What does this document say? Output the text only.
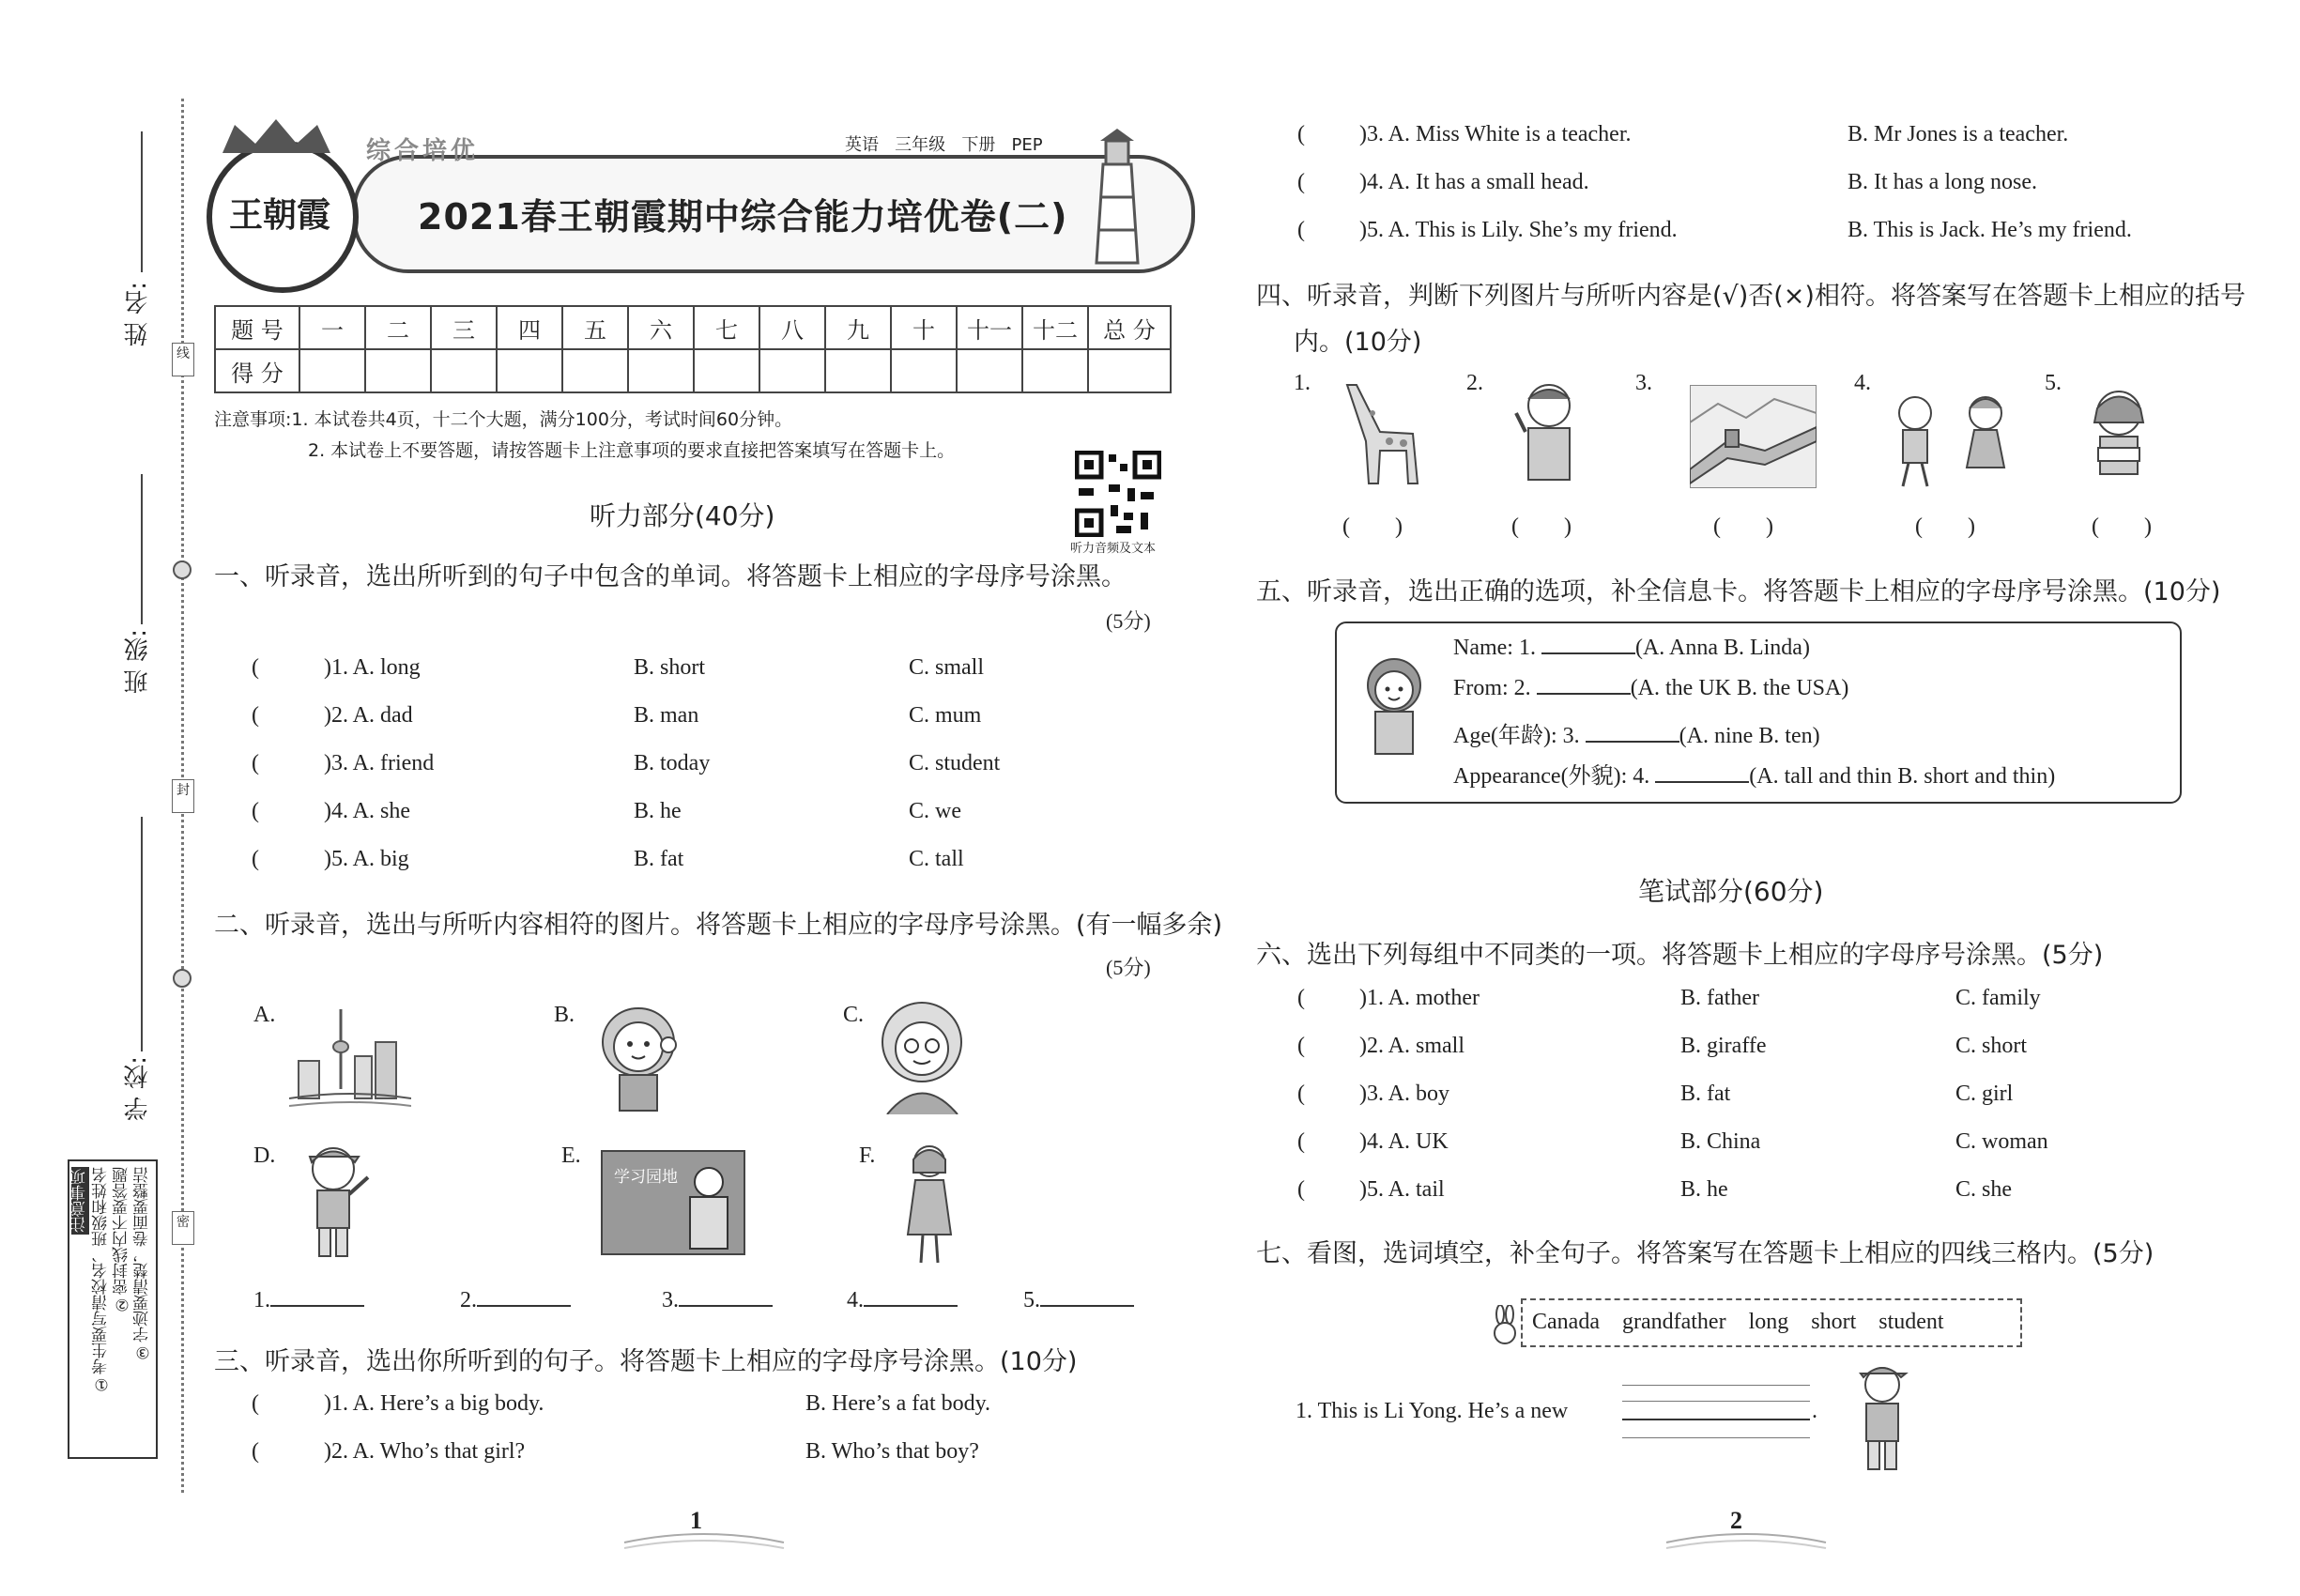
姓 名:
班 级:
学 校:
线
封
密
注意事项 ①考生要写清校名、班级和姓名 ②密封线内不要答题 ③字迹要清楚，卷面要整洁
综合培优
王朝霞
英语 三年级 下册 PEP
2021春王朝霞期中综合能力培优卷(二)
题 号	一	二	三	四	五	六	七	八	九	十	十一	十二	总 分
得 分													
注意事项:1. 本试卷共4页，十二个大题，满分100分，考试时间60分钟。
2. 本试卷上不要答题，请按答题卡上注意事项的要求直接把答案填写在答题卡上。
听力音频及文本
听力部分(40分)
一、听录音，选出所听到的句子中包含的单词。将答题卡上相应的字母序号涂黑。
(5分)
(	)1. A. long	B. short	C. small
(	)2. A. dad	B. man	C. mum
(	)3. A. friend	B. today	C. student
(	)4. A. she	B. he	C. we
(	)5. A. big	B. fat	C. tall
二、听录音，选出与所听内容相符的图片。将答题卡上相应的字母序号涂黑。(有一幅多余)
(5分)
A.	B.	C.
D.	E.
学习园地
F.
1.	2.	3.	4.	5.
三、听录音，选出你所听到的句子。将答题卡上相应的字母序号涂黑。(10分)
(	)1. A. Here’s a big body.	B. Here’s a fat body.
(	)2. A. Who’s that girl?	B. Who’s that boy?
1
( )3. A. Miss White is a teacher.	B. Mr Jones is a teacher.
( )4. A. It has a small head.	B. It has a long nose.
( )5. A. This is Lily. She’s my friend.	B. This is Jack. He’s my friend.
四、听录音，判断下列图片与所听内容是(√)否(×)相符。将答案写在答题卡上相应的括号
内。(10分)
1.	2.	3.	4.	5.
(　　)	(　　)	(　　)	(　　)	(　　)
五、听录音，选出正确的选项，补全信息卡。将答题卡上相应的字母序号涂黑。(10分)
Name: 1.	(A. Anna B. Linda)
From: 2.	(A. the UK B. the USA)
Age(年龄): 3.	(A. nine B. ten)
Appearance(外貌): 4.	(A. tall and thin B. short and thin)
笔试部分(60分)
六、选出下列每组中不同类的一项。将答题卡上相应的字母序号涂黑。(5分)
( )1. A. mother	B. father	C. family
( )2. A. small	B. giraffe	C. short
( )3. A. boy	B. fat	C. girl
( )4. A. UK	B. China	C. woman
( )5. A. tail	B. he	C. she
七、看图，选词填空，补全句子。将答案写在答题卡上相应的四线三格内。(5分)
Canada grandfather long short student
1. This is Li Yong. He’s a new	.
2
